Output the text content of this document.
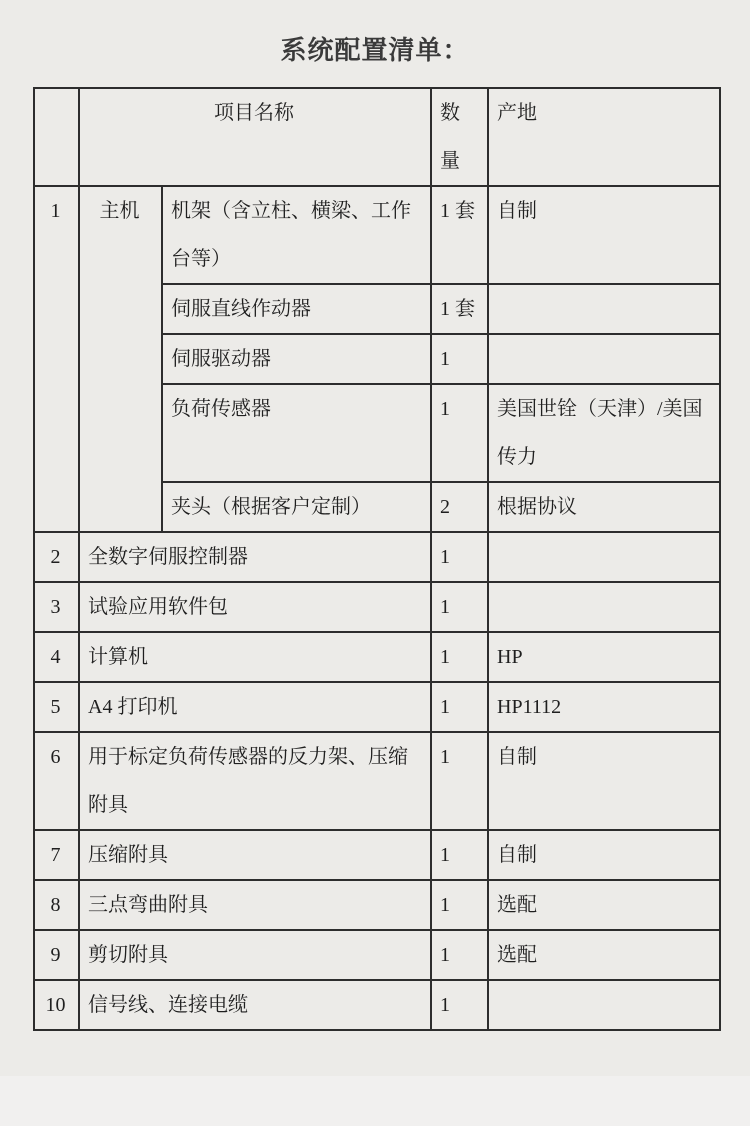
系统配置清单：
	项目名称		数量	产地
1	主机	机架（含立柱、横梁、工作台等）	1 套	自制
		伺服直线作动器	1 套	
		伺服驱动器	1	
		负荷传感器	1	美国世铨（天津）/美国传力
		夹头（根据客户定制）	2	根据协议
2	全数字伺服控制器		1	
3	试验应用软件包		1	
4	计算机		1	HP
5	A4 打印机		1	HP1112
6	用于标定负荷传感器的反力架、压缩附具		1	自制
7	压缩附具		1	自制
8	三点弯曲附具		1	选配
9	剪切附具		1	选配
10	信号线、连接电缆		1	
